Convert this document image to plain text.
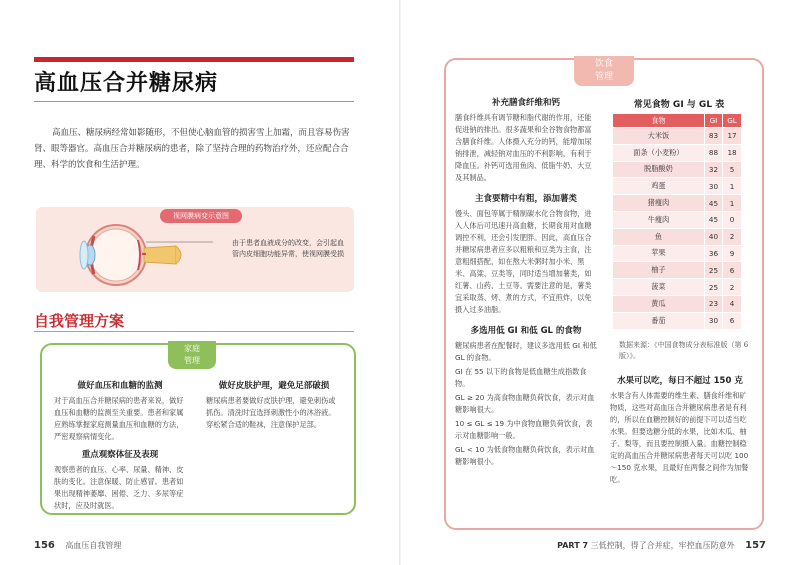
高血压合并糖尿病

高血压、糖尿病经常如影随形，不但使心脑血管的损害雪上加霜，而且容易伤害肾、眼等器官。高血压合并糖尿病的患者，除了坚持合理的药物治疗外，还应配合合理、科学的饮食和生活护理。

视网膜病变示意图
由于患者血液成分的改变，会引起血管内皮细胞功能异常，使视网膜受损
自我管理方案
家庭
管理
做好血压和血糖的监测

对于高血压合并糖尿病的患者来说，做好血压和血糖的监测至关重要。患者和家属应熟练掌握家庭测量血压和血糖的方法，严密观察病情变化。

重点观察体征及表现

观察患者的血压、心率、尿量、精神、皮肤的变化。注意保暖、防止感冒。患者如果出现精神萎靡、困倦、乏力、多尿等症状时，应及时就医。

做好皮肤护理，避免足部破损

糖尿病患者要做好皮肤护理，避免刺伤或抓伤。清洗时宜选择刺激性小的沐浴液。穿松紧合适的鞋袜，注意保护足部。

156 高血压自我管理
饮食
管理
补充膳食纤维和钙

膳食纤维具有调节糖和脂代谢的作用，还能促进钠的排出。很多蔬果和全谷物食物都富含膳食纤维。人体摄入充分的钙，能增加尿钠排泄，减轻钠对血压的不利影响，有利于降血压。补钙可选用鱼肉、低脂牛奶、大豆及其制品。

主食要精中有粗，添加薯类

馒头、面包等属于精制碳水化合物食物，进入人体后可迅速升高血糖，长期食用对血糖调控不利，还会引发肥胖。因此，高血压合并糖尿病患者应多以粗粮和豆类为主食，注意粗细搭配，如在熬大米粥时加小米、黑米、高粱、豆类等，同时适当增加薯类，如红薯、山药、土豆等。需要注意的是，薯类宜采取蒸、烤、煮的方式，不宜煎炸，以免摄入过多油脂。

多选用低 GI 和低 GL 的食物

糖尿病患者在配餐时，建议多选用低 GI 和低 GL 的食物。

GI 在 55 以下的食物是低血糖生成指数食物。

GL ≥ 20 为高食物血糖负荷饮食，表示对血糖影响很大。

10 ≤ GL ≤ 19 为中食物血糖负荷饮食，表示对血糖影响一般。

GL < 10 为低食物血糖负荷饮食，表示对血糖影响很小。

常见食物 GI 与 GL 表
食物	GI	GL
大米饭	83	17
面条（小麦粉）	88	18
脱脂酸奶	32	5
鸡蛋	30	1
猪瘦肉	45	1
牛瘦肉	45	0
鱼	40	2
苹果	36	9
柚子	25	6
菠菜	25	2
黄瓜	23	4
番茄	30	6
数据来源：《中国食物成分表标准版（第 6 版）》。
水果可以吃，每日不超过 150 克

水果含有人体需要的维生素、膳食纤维和矿物质，这些对高血压合并糖尿病患者是有利的，所以在血糖控制好的前提下可以适当吃水果。但要选糖分低的水果，比如木瓜、柚子、梨等，而且要控制摄入量。血糖控制稳定的高血压合并糖尿病患者每天可以吃 100～150 克水果，且最好在两餐之间作为加餐吃。

PART 7 三低控制，得了合并症，牢控血压防意外 157
